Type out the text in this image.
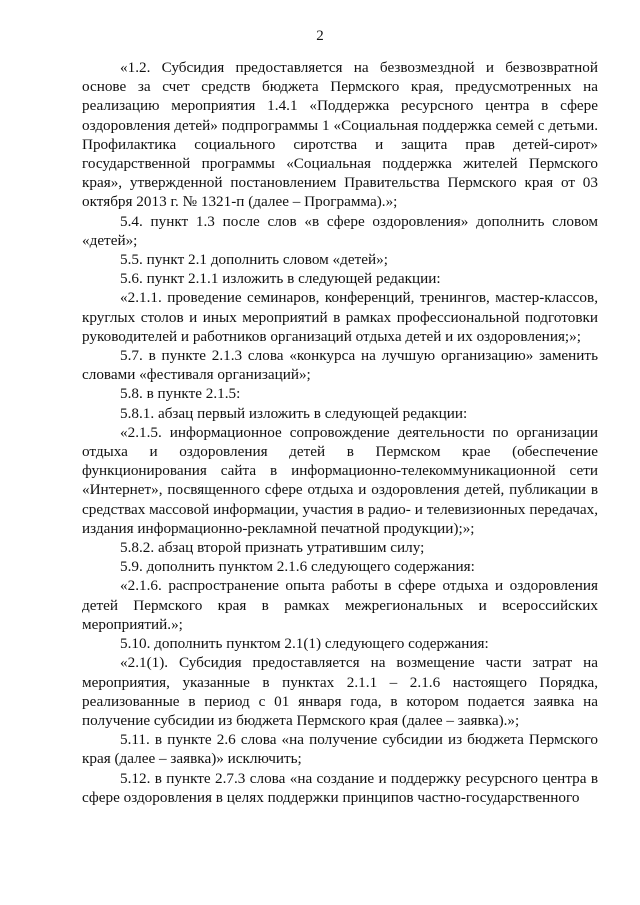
2

«1.2. Субсидия предоставляется на безвозмездной и безвозвратной основе за счет средств бюджета Пермского края, предусмотренных на реализацию мероприятия 1.4.1 «Поддержка ресурсного центра в сфере оздоровления детей» подпрограммы 1 «Социальная поддержка семей с детьми. Профилактика социального сиротства и защита прав детей-сирот» государственной программы «Социальная поддержка жителей Пермского края», утвержденной постановлением Правительства Пермского края от 03 октября 2013 г. № 1321-п (далее – Программа).»;

5.4. пункт 1.3 после слов «в сфере оздоровления» дополнить словом «детей»;

5.5. пункт 2.1 дополнить словом «детей»;

5.6. пункт 2.1.1 изложить в следующей редакции:

«2.1.1. проведение семинаров, конференций, тренингов, мастер-классов, круглых столов и иных мероприятий в рамках профессиональной подготовки руководителей и работников организаций отдыха детей и их оздоровления;»;

5.7. в пункте 2.1.3 слова «конкурса на лучшую организацию» заменить словами «фестиваля организаций»;

5.8. в пункте 2.1.5:

5.8.1. абзац первый изложить в следующей редакции:

«2.1.5. информационное сопровождение деятельности по организации отдыха и оздоровления детей в Пермском крае (обеспечение функционирования сайта в информационно-телекоммуникационной сети «Интернет», посвященного сфере отдыха и оздоровления детей, публикации в средствах массовой информации, участия в радио- и телевизионных передачах, издания информационно-рекламной печатной продукции);»;

5.8.2. абзац второй признать утратившим силу;

5.9. дополнить пунктом 2.1.6 следующего содержания:

«2.1.6. распространение опыта работы в сфере отдыха и оздоровления детей Пермского края в рамках межрегиональных и всероссийских мероприятий.»;

5.10. дополнить пунктом 2.1(1) следующего содержания:

«2.1(1). Субсидия предоставляется на возмещение части затрат на мероприятия, указанные в пунктах 2.1.1 – 2.1.6 настоящего Порядка, реализованные в период с 01 января года, в котором подается заявка на получение субсидии из бюджета Пермского края (далее – заявка).»;

5.11. в пункте 2.6 слова «на получение субсидии из бюджета Пермского края (далее – заявка)» исключить;

5.12. в пункте 2.7.3 слова «на создание и поддержку ресурсного центра в сфере оздоровления в целях поддержки принципов частно-государственного
